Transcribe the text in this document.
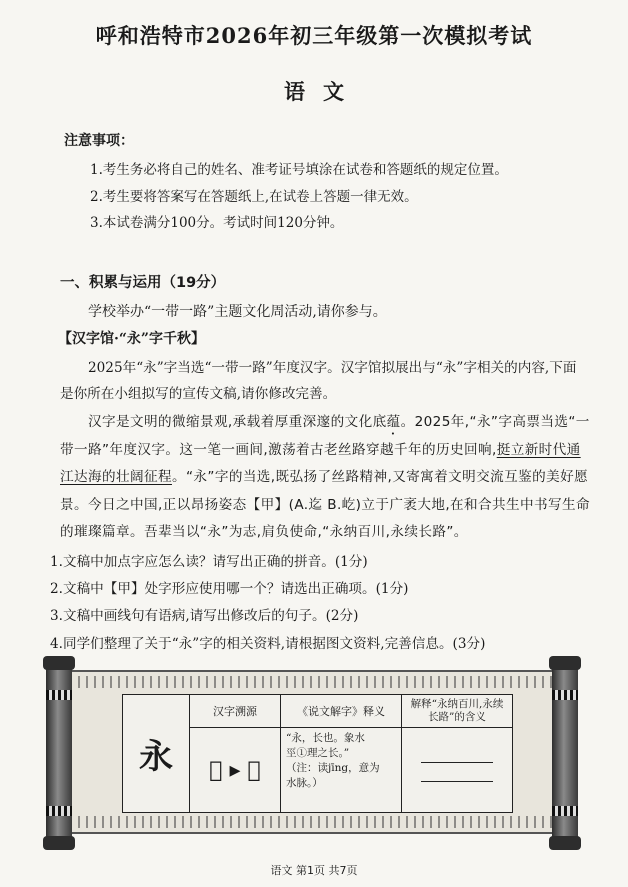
呼和浩特市2026年初三年级第一次模拟考试
语文
注意事项：
1.考生务必将自己的姓名、准考证号填涂在试卷和答题纸的规定位置。
2.考生要将答案写在答题纸上,在试卷上答题一律无效。
3.本试卷满分100分。考试时间120分钟。
一、积累与运用（19分）
学校举办“一带一路”主题文化周活动,请你参与。
【汉字馆·“永”字千秋】
2025年“永”字当选“一带一路”年度汉字。汉字馆拟展出与“永”字相关的内容,下面
是你所在小组拟写的宣传文稿,请你修改完善。
汉字是文明的微缩景观,承载着厚重深邃的文化底蕴。2025年,“永”字高票当选“一
带一路”年度汉字。这一笔一画间,激荡着古老丝路穿越千年的历史回响,挺立新时代通
江达海的壮阔征程。“永”字的当选,既弘扬了丝路精神,又寄寓着文明交流互鉴的美好愿
景。今日之中国,正以昂扬姿态【甲】(A.迄 B.屹)立于广袤大地,在和合共生中书写生命
的璀璨篇章。吾辈当以“永”为志,肩负使命,“永纳百川,永续长路”。
1.文稿中加点字应怎么读？请写出正确的拼音。(1分)
2.文稿中【甲】处字形应使用哪一个？请选出正确项。(1分)
3.文稿中画线句有语病,请写出修改后的句子。(2分)
4.同学们整理了关于“永”字的相关资料,请根据图文资料,完善信息。(3分)
永	汉字溯源	《说文解字》释义	解释“永纳百川,永续长路”的含义
	𣱵 ▸ 𣴎	“永，长也。象水
巠①理之长。”
（注：读jīng，意为
水脉。）	

语文 第1页 共7页
